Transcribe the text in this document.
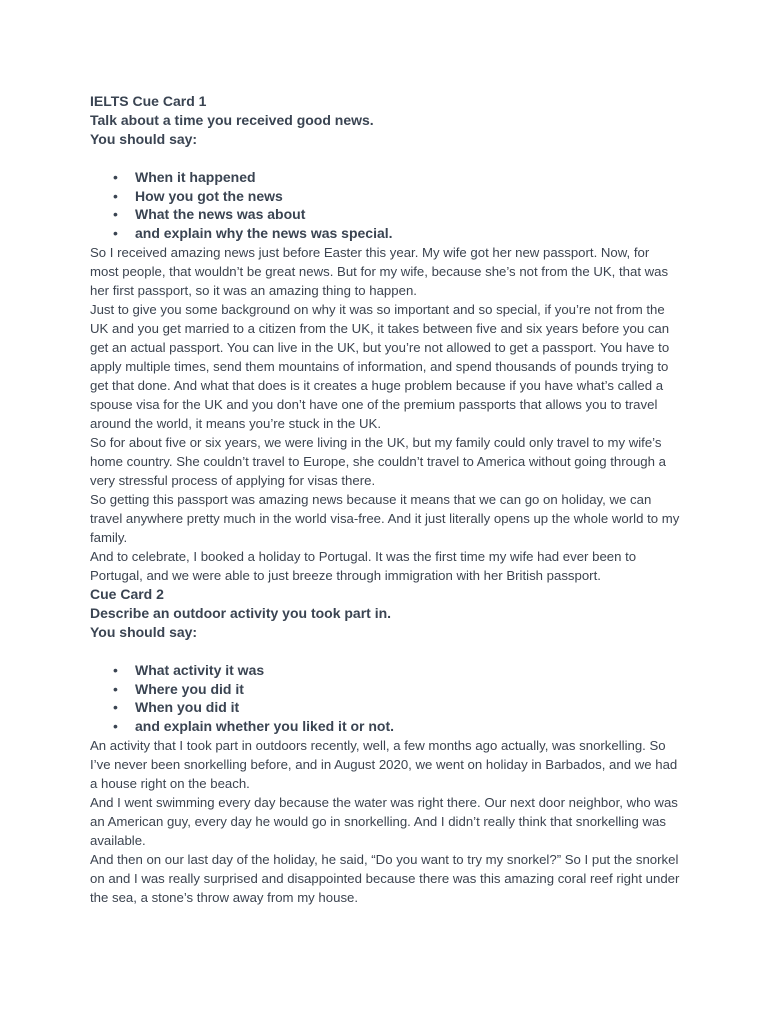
IELTS Cue Card 1
Talk about a time you received good news.
You should say:
• When it happened
• How you got the news
• What the news was about
• and explain why the news was special.

So I received amazing news just before Easter this year. My wife got her new passport. Now, for most people, that wouldn’t be great news. But for my wife, because she’s not from the UK, that was her first passport, so it was an amazing thing to happen.

Just to give you some background on why it was so important and so special, if you’re not from the UK and you get married to a citizen from the UK, it takes between five and six years before you can get an actual passport. You can live in the UK, but you’re not allowed to get a passport. You have to apply multiple times, send them mountains of information, and spend thousands of pounds trying to get that done. And what that does is it creates a huge problem because if you have what’s called a spouse visa for the UK and you don’t have one of the premium passports that allows you to travel around the world, it means you’re stuck in the UK.

So for about five or six years, we were living in the UK, but my family could only travel to my wife’s home country. She couldn’t travel to Europe, she couldn’t travel to America without going through a very stressful process of applying for visas there.

So getting this passport was amazing news because it means that we can go on holiday, we can travel anywhere pretty much in the world visa-free. And it just literally opens up the whole world to my family.

And to celebrate, I booked a holiday to Portugal. It was the first time my wife had ever been to Portugal, and we were able to just breeze through immigration with her British passport.

Cue Card 2
Describe an outdoor activity you took part in.
You should say:
• What activity it was
• Where you did it
• When you did it
• and explain whether you liked it or not.

An activity that I took part in outdoors recently, well, a few months ago actually, was snorkelling. So I’ve never been snorkelling before, and in August 2020, we went on holiday in Barbados, and we had a house right on the beach.

And I went swimming every day because the water was right there. Our next door neighbor, who was an American guy, every day he would go in snorkelling. And I didn’t really think that snorkelling was available.

And then on our last day of the holiday, he said, “Do you want to try my snorkel?” So I put the snorkel on and I was really surprised and disappointed because there was this amazing coral reef right under the sea, a stone’s throw away from my house.
